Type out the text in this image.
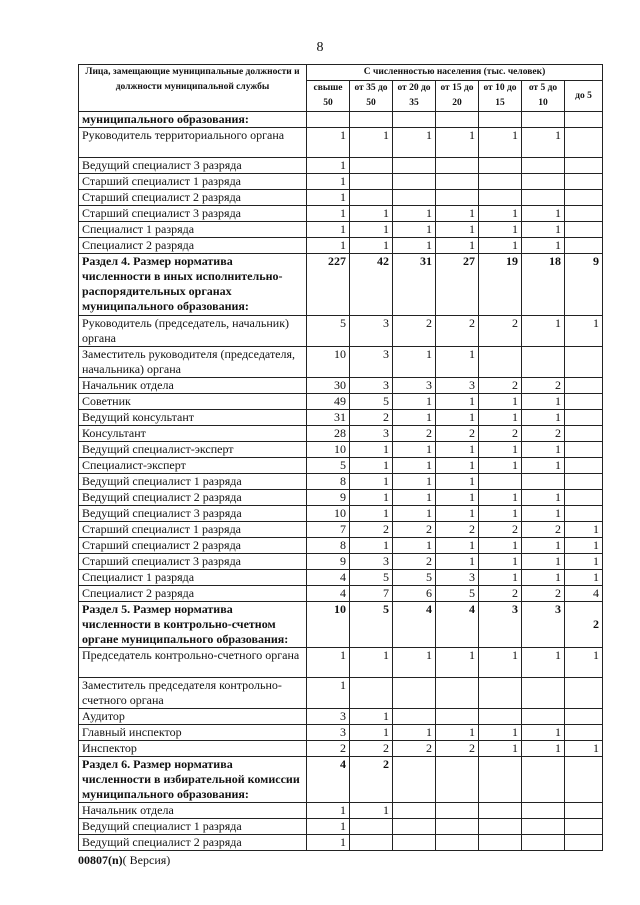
8
Лица, замещающие муниципальные должности и должности муниципальной службы	С численностью населения (тыс. человек)						
	свыше 50	от 35 до 50	от 20 до 35	от 15 до 20	от 10 до 15	от 5 до 10	до 5
муниципального образования:							
Руководитель территориального органа	1	1	1	1	1	1	
Ведущий специалист 3 разряда	1						
Старший специалист 1 разряда	1						
Старший специалист 2 разряда	1						
Старший специалист 3 разряда	1	1	1	1	1	1	
Специалист 1 разряда	1	1	1	1	1	1	
Специалист 2 разряда	1	1	1	1	1	1	
Раздел 4. Размер норматива численности в иных исполнительно-распорядительных органах муниципального образования:	227	42	31	27	19	18	9
Руководитель (председатель, начальник) органа	5	3	2	2	2	1	1
Заместитель руководителя (председателя, начальника) органа	10	3	1	1			
Начальник отдела	30	3	3	3	2	2	
Советник	49	5	1	1	1	1	
Ведущий консультант	31	2	1	1	1	1	
Консультант	28	3	2	2	2	2	
Ведущий специалист-эксперт	10	1	1	1	1	1	
Специалист-эксперт	5	1	1	1	1	1	
Ведущий специалист 1 разряда	8	1	1	1			
Ведущий специалист 2 разряда	9	1	1	1	1	1	
Ведущий специалист 3 разряда	10	1	1	1	1	1	
Старший специалист 1 разряда	7	2	2	2	2	2	1
Старший специалист 2 разряда	8	1	1	1	1	1	1
Старший специалист 3 разряда	9	3	2	1	1	1	1
Специалист 1 разряда	4	5	5	3	1	1	1
Специалист 2 разряда	4	7	6	5	2	2	4
Раздел 5. Размер норматива численности в контрольно-счетном органе муниципального образования:	10	5	4	4	3	3	2
Председатель контрольно-счетного органа	1	1	1	1	1	1	1
Заместитель председателя контрольно-счетного органа	1						
Аудитор	3	1					
Главный инспектор	3	1	1	1	1	1	
Инспектор	2	2	2	2	1	1	1
Раздел 6. Размер норматива численности в избирательной комиссии муниципального образования:	4	2					
Начальник отдела	1	1					
Ведущий специалист 1 разряда	1						
Ведущий специалист 2 разряда	1						
00807(n)( Версия)
